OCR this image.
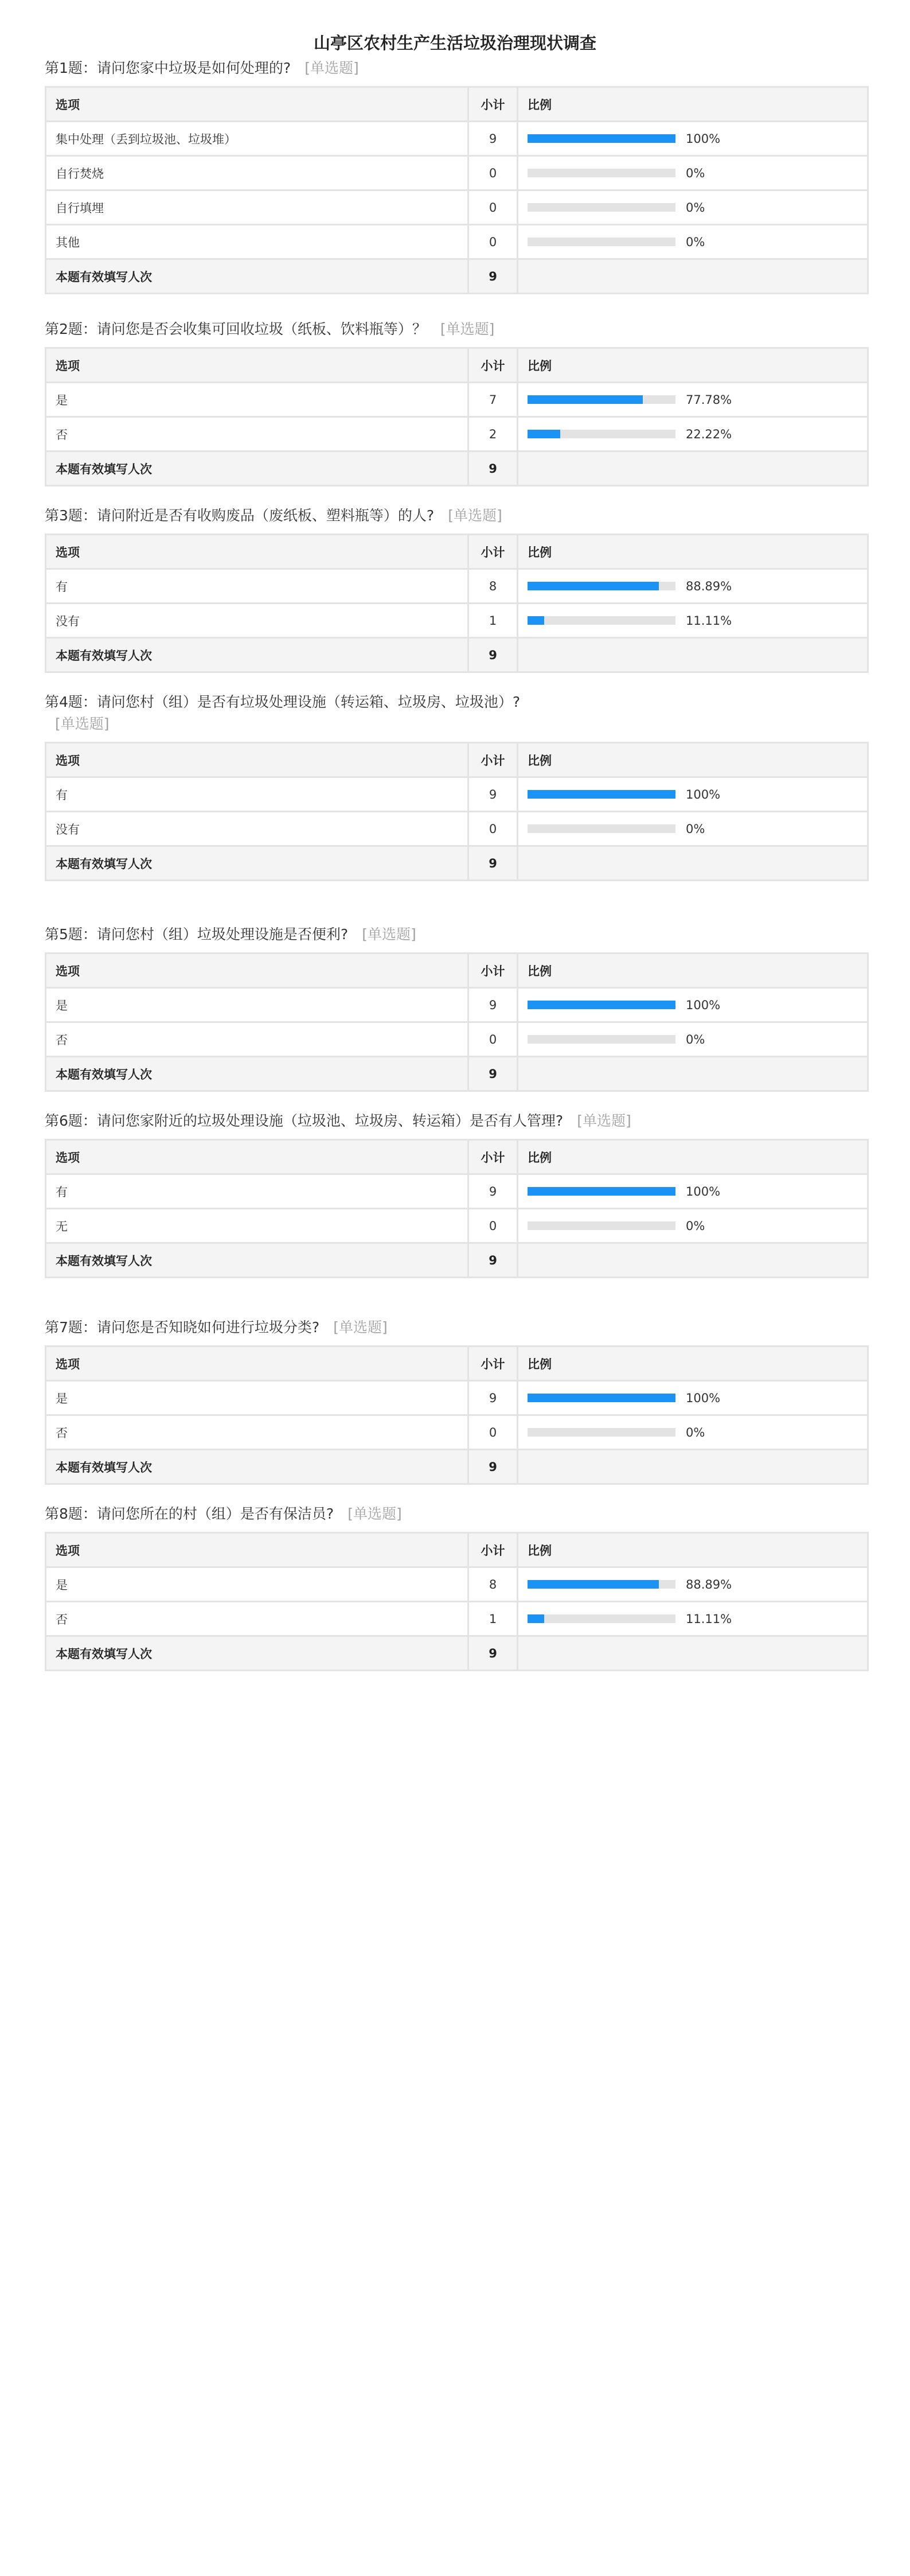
山亭区农村生产生活垃圾治理现状调查
第1题：请问您家中垃圾是如何处理的? [单选题]
选项	小计	比例
集中处理（丢到垃圾池、垃圾堆）	9	100%

自行焚烧	0	0%

自行填埋	0	0%

其他	0	0%

本题有效填写人次	9	
第2题：请问您是否会收集可回收垃圾（纸板、饮料瓶等）？ [单选题]
选项	小计	比例
是	7	77.78%

否	2	22.22%

本题有效填写人次	9	
第3题：请问附近是否有收购废品（废纸板、塑料瓶等）的人? [单选题]
选项	小计	比例
有	8	88.89%

没有	1	11.11%

本题有效填写人次	9	
第4题：请问您村（组）是否有垃圾处理设施（转运箱、垃圾房、垃圾池）?
[单选题]
选项	小计	比例
有	9	100%

没有	0	0%

本题有效填写人次	9	
第5题：请问您村（组）垃圾处理设施是否便利? [单选题]
选项	小计	比例
是	9	100%

否	0	0%

本题有效填写人次	9	
第6题：请问您家附近的垃圾处理设施（垃圾池、垃圾房、转运箱）是否有人管理? [单选题]
选项	小计	比例
有	9	100%

无	0	0%

本题有效填写人次	9	
第7题：请问您是否知晓如何进行垃圾分类? [单选题]
选项	小计	比例
是	9	100%

否	0	0%

本题有效填写人次	9	
第8题：请问您所在的村（组）是否有保洁员? [单选题]
选项	小计	比例
是	8	88.89%

否	1	11.11%

本题有效填写人次	9	
